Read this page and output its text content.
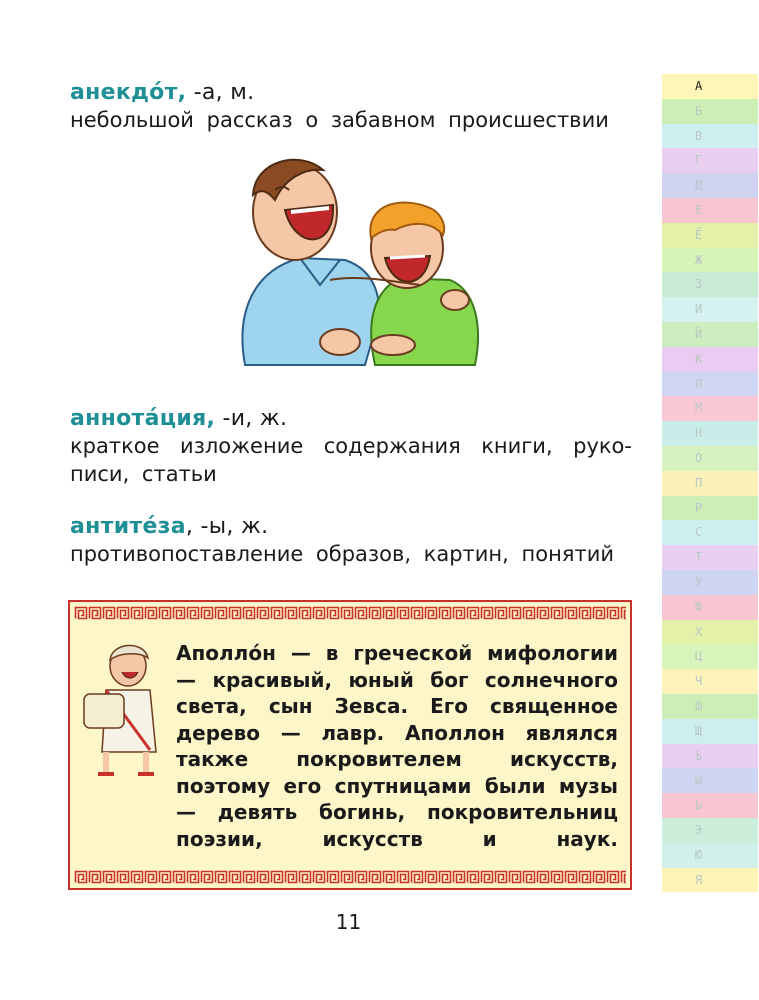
анекдо́т, -а, м.
небольшой рассказ о забавном происшествии
аннота́ция, -и, ж.
краткое изложение содержания книги, рукописи, статьи
антите́за, -ы, ж.
противопоставление образов, картин, понятий
Аполло́н — в греческой мифологии — красивый, юный бог солнечного света, сын Зевса. Его священное дерево — лавр. Аполлон являлся также покровителем искусств, поэтому его спутницами были музы — девять богинь, покровительниц поэзии, искусств и наук.
11
А
Б
В
Г
Д
Е
Ё
Ж
З
И
Й
К
Л
М
Н
О
П
Р
С
Т
У
Ф
Х
Ц
Ч
Ш
Щ
Ъ
Ы
Ь
Э
Ю
Я
